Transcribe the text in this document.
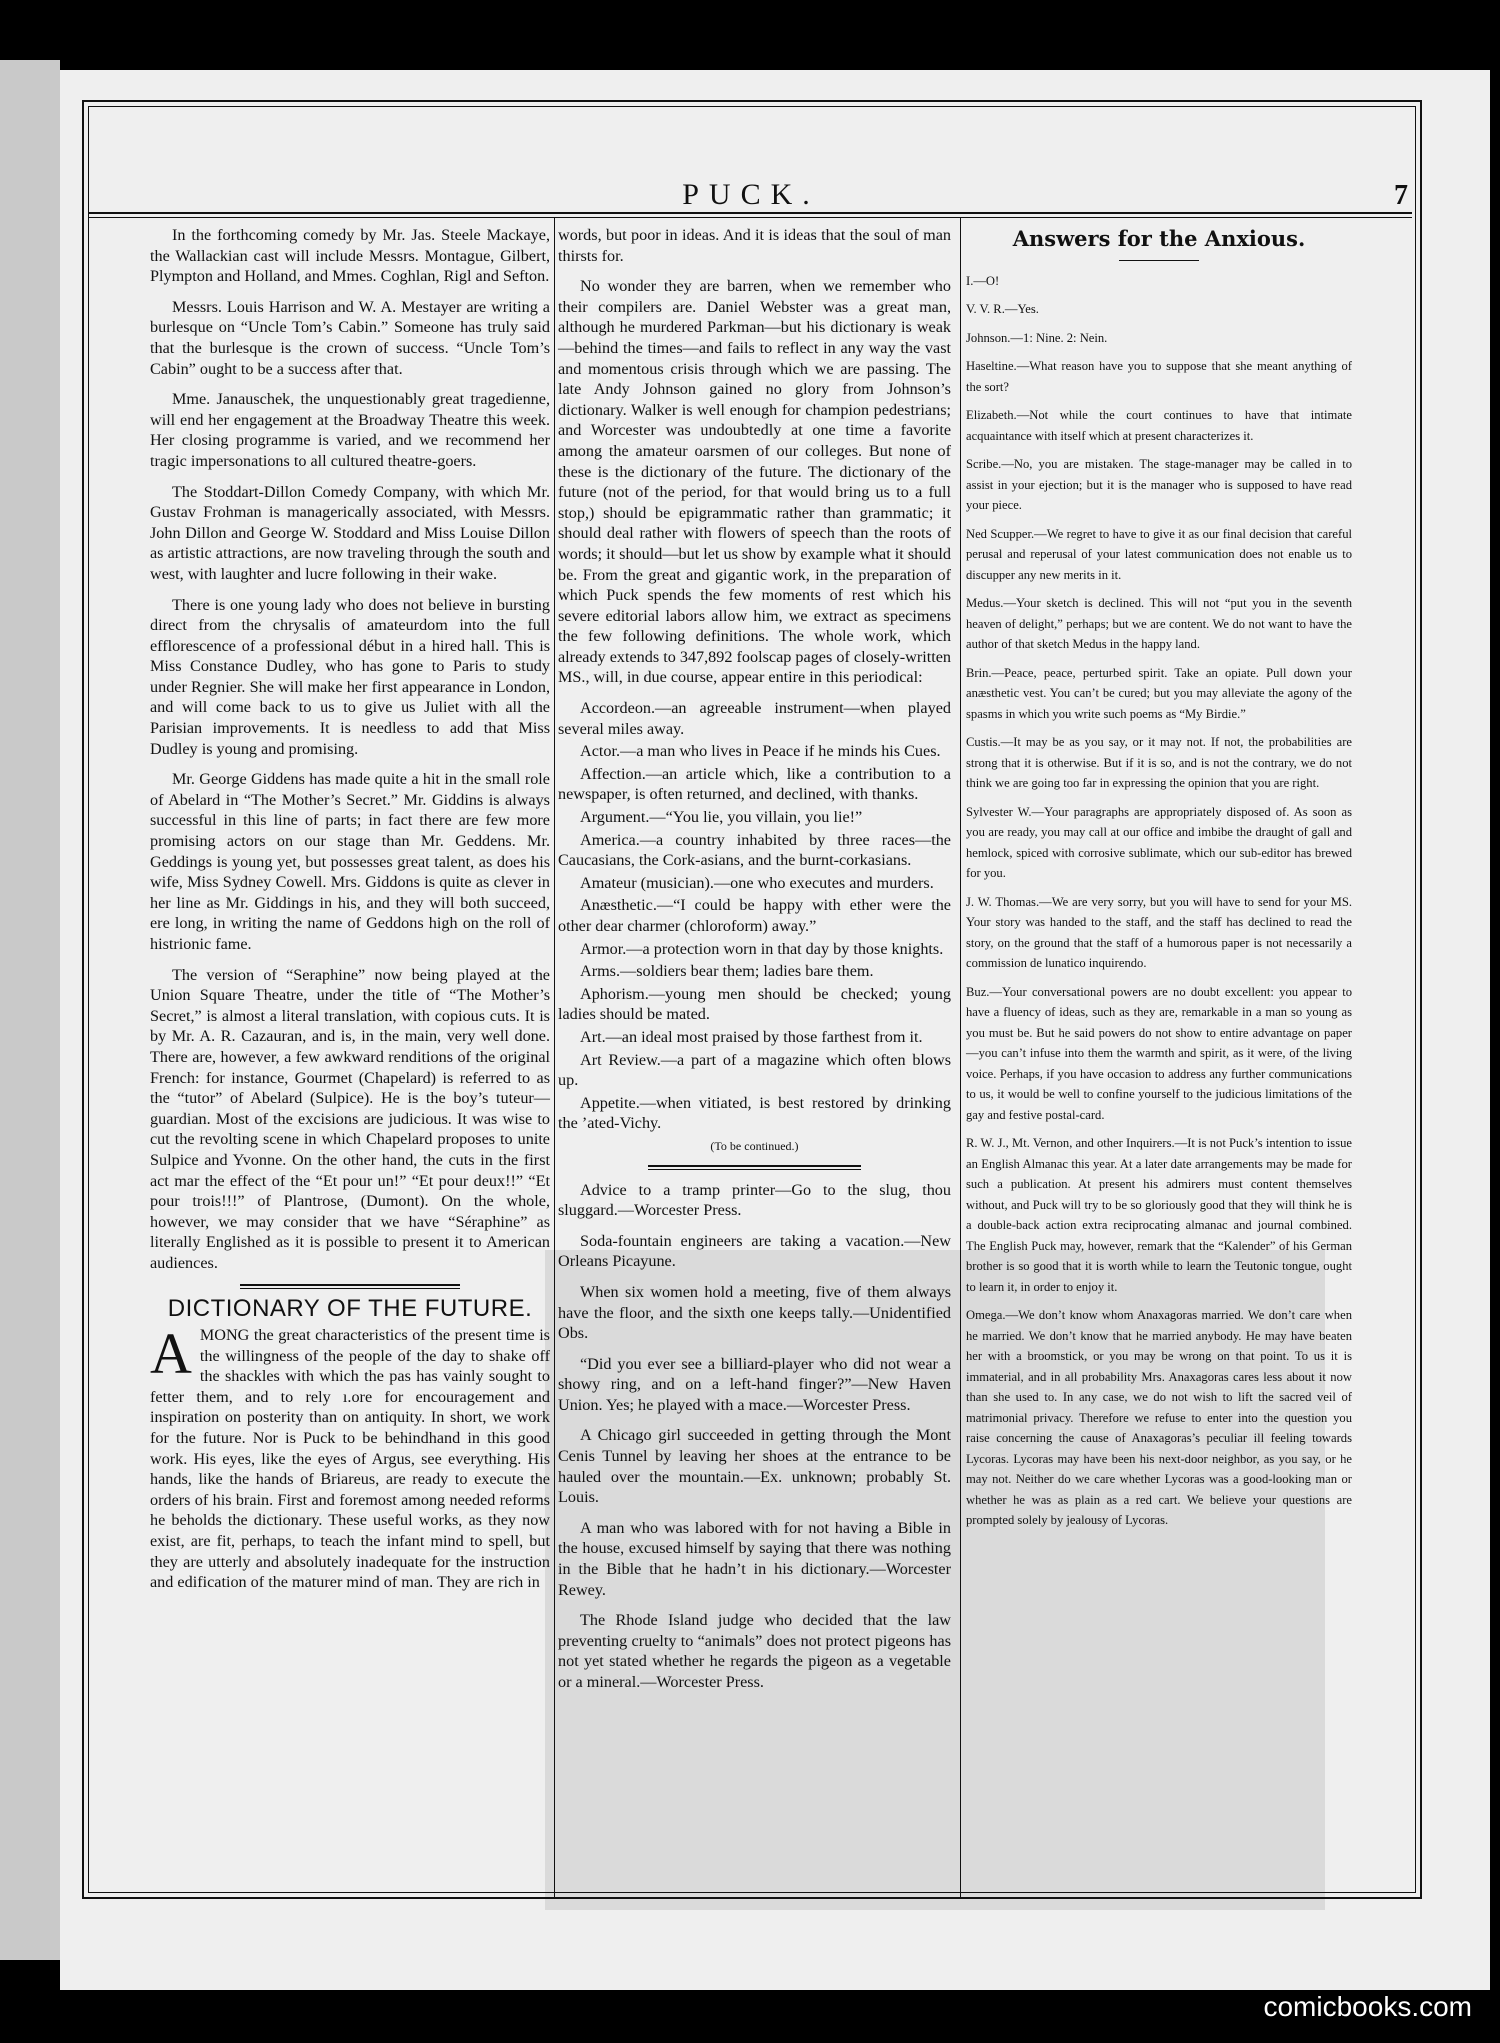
PUCK.	7

In the forthcoming comedy by Mr. Jas. Steele Mackaye, the Wallackian cast will include Messrs. Montague, Gilbert, Plympton and Holland, and Mmes. Coghlan, Rigl and Sefton.

Messrs. Louis Harrison and W. A. Mestayer are writing a burlesque on “Uncle Tom’s Cabin.” Someone has truly said that the burlesque is the crown of success. “Uncle Tom’s Cabin” ought to be a success after that.

Mme. Janauschek, the unquestionably great tragedienne, will end her engagement at the Broadway Theatre this week. Her closing programme is varied, and we recommend her tragic impersonations to all cultured theatre-goers.

The Stoddart-Dillon Comedy Company, with which Mr. Gustav Frohman is managerically associated, with Messrs. John Dillon and George W. Stoddard and Miss Louise Dillon as artistic attractions, are now traveling through the south and west, with laughter and lucre following in their wake.

There is one young lady who does not believe in bursting direct from the chrysalis of amateurdom into the full efflorescence of a professional début in a hired hall. This is Miss Constance Dudley, who has gone to Paris to study under Regnier. She will make her first appearance in London, and will come back to us to give us Juliet with all the Parisian improvements. It is needless to add that Miss Dudley is young and promising.

Mr. George Giddens has made quite a hit in the small role of Abelard in “The Mother’s Secret.” Mr. Giddins is always successful in this line of parts; in fact there are few more promising actors on our stage than Mr. Geddens. Mr. Geddings is young yet, but possesses great talent, as does his wife, Miss Sydney Cowell. Mrs. Giddons is quite as clever in her line as Mr. Giddings in his, and they will both succeed, ere long, in writing the name of Geddons high on the roll of histrionic fame.

The version of “Seraphine” now being played at the Union Square Theatre, under the title of “The Mother’s Secret,” is almost a literal translation, with copious cuts. It is by Mr. A. R. Cazauran, and is, in the main, very well done. There are, however, a few awkward renditions of the original French: for instance, Gourmet (Chapelard) is referred to as the “tutor” of Abelard (Sulpice). He is the boy’s tuteur—guardian. Most of the excisions are judicious. It was wise to cut the revolting scene in which Chapelard proposes to unite Sulpice and Yvonne. On the other hand, the cuts in the first act mar the effect of the “Et pour un!” “Et pour deux!!” “Et pour trois!!!” of Plantrose, (Dumont). On the whole, however, we may consider that we have “Séraphine” as literally Englished as it is possible to present it to American audiences.

DICTIONARY OF THE FUTURE.

AMONG the great characteristics of the present time is the willingness of the people of the day to shake off the shackles with which the pas has vainly sought to fetter them, and to rely ı.ore for encouragement and inspiration on posterity than on antiquity. In short, we work for the future. Nor is Puck to be behindhand in this good work. His eyes, like the eyes of Argus, see everything. His hands, like the hands of Briareus, are ready to execute the orders of his brain. First and foremost among needed reforms he beholds the dictionary. These useful works, as they now exist, are fit, perhaps, to teach the infant mind to spell, but they are utterly and absolutely inadequate for the instruction and edification of the maturer mind of man. They are rich in

words, but poor in ideas. And it is ideas that the soul of man thirsts for.

No wonder they are barren, when we remember who their compilers are. Daniel Webster was a great man, although he murdered Parkman—but his dictionary is weak—behind the times—and fails to reflect in any way the vast and momentous crisis through which we are passing. The late Andy Johnson gained no glory from Johnson’s dictionary. Walker is well enough for champion pedestrians; and Worcester was undoubtedly at one time a favorite among the amateur oarsmen of our colleges. But none of these is the dictionary of the future. The dictionary of the future (not of the period, for that would bring us to a full stop,) should be epigrammatic rather than grammatic; it should deal rather with flowers of speech than the roots of words; it should—but let us show by example what it should be. From the great and gigantic work, in the preparation of which Puck spends the few moments of rest which his severe editorial labors allow him, we extract as specimens the few following definitions. The whole work, which already extends to 347,892 foolscap pages of closely-written MS., will, in due course, appear entire in this periodical:

Accordeon.—an agreeable instrument—when played several miles away.

Actor.—a man who lives in Peace if he minds his Cues.

Affection.—an article which, like a contribution to a newspaper, is often returned, and declined, with thanks.

Argument.—“You lie, you villain, you lie!”

America.—a country inhabited by three races—the Caucasians, the Cork-asians, and the burnt-corkasians.

Amateur (musician).—one who executes and murders.

Anæsthetic.—“I could be happy with ether were the other dear charmer (chloroform) away.”

Armor.—a protection worn in that day by those knights.

Arms.—soldiers bear them; ladies bare them.

Aphorism.—young men should be checked; young ladies should be mated.

Art.—an ideal most praised by those farthest from it.

Art Review.—a part of a magazine which often blows up.

Appetite.—when vitiated, is best restored by drinking the ’ated-Vichy.

(To be continued.)

Advice to a tramp printer—Go to the slug, thou sluggard.—Worcester Press.

Soda-fountain engineers are taking a vacation.—New Orleans Picayune.

When six women hold a meeting, five of them always have the floor, and the sixth one keeps tally.—Unidentified Obs.

“Did you ever see a billiard-player who did not wear a showy ring, and on a left-hand finger?”—New Haven Union. Yes; he played with a mace.—Worcester Press.

A Chicago girl succeeded in getting through the Mont Cenis Tunnel by leaving her shoes at the entrance to be hauled over the mountain.—Ex. unknown; probably St. Louis.

A man who was labored with for not having a Bible in the house, excused himself by saying that there was nothing in the Bible that he hadn’t in his dictionary.—Worcester Rewey.

The Rhode Island judge who decided that the law preventing cruelty to “animals” does not protect pigeons has not yet stated whether he regards the pigeon as a vegetable or a mineral.—Worcester Press.

Answers for the Anxious.

I.—O!

V. V. R.—Yes.

Johnson.—1: Nine. 2: Nein.

Haseltine.—What reason have you to suppose that she meant anything of the sort?

Elizabeth.—Not while the court continues to have that intimate acquaintance with itself which at present characterizes it.

Scribe.—No, you are mistaken. The stage-manager may be called in to assist in your ejection; but it is the manager who is supposed to have read your piece.

Ned Scupper.—We regret to have to give it as our final decision that careful perusal and reperusal of your latest communication does not enable us to discupper any new merits in it.

Medus.—Your sketch is declined. This will not “put you in the seventh heaven of delight,” perhaps; but we are content. We do not want to have the author of that sketch Medus in the happy land.

Brin.—Peace, peace, perturbed spirit. Take an opiate. Pull down your anæsthetic vest. You can’t be cured; but you may alleviate the agony of the spasms in which you write such poems as “My Birdie.”

Custis.—It may be as you say, or it may not. If not, the probabilities are strong that it is otherwise. But if it is so, and is not the contrary, we do not think we are going too far in expressing the opinion that you are right.

Sylvester W.—Your paragraphs are appropriately disposed of. As soon as you are ready, you may call at our office and imbibe the draught of gall and hemlock, spiced with corrosive sublimate, which our sub-editor has brewed for you.

J. W. Thomas.—We are very sorry, but you will have to send for your MS. Your story was handed to the staff, and the staff has declined to read the story, on the ground that the staff of a humorous paper is not necessarily a commission de lunatico inquirendo.

Buz.—Your conversational powers are no doubt excellent: you appear to have a fluency of ideas, such as they are, remarkable in a man so young as you must be. But he said powers do not show to entire advantage on paper—you can’t infuse into them the warmth and spirit, as it were, of the living voice. Perhaps, if you have occasion to address any further communications to us, it would be well to confine yourself to the judicious limitations of the gay and festive postal-card.

R. W. J., Mt. Vernon, and other Inquirers.—It is not Puck’s intention to issue an English Almanac this year. At a later date arrangements may be made for such a publication. At present his admirers must content themselves without, and Puck will try to be so gloriously good that they will think he is a double-back action extra reciprocating almanac and journal combined. The English Puck may, however, remark that the “Kalender” of his German brother is so good that it is worth while to learn the Teutonic tongue, ought to learn it, in order to enjoy it.

Omega.—We don’t know whom Anaxagoras married. We don’t care when he married. We don’t know that he married anybody. He may have beaten her with a broomstick, or you may be wrong on that point. To us it is immaterial, and in all probability Mrs. Anaxagoras cares less about it now than she used to. In any case, we do not wish to lift the sacred veil of matrimonial privacy. Therefore we refuse to enter into the question you raise concerning the cause of Anaxagoras’s peculiar ill feeling towards Lycoras. Lycoras may have been his next-door neighbor, as you say, or he may not. Neither do we care whether Lycoras was a good-looking man or whether he was as plain as a red cart. We believe your questions are prompted solely by jealousy of Lycoras.

comicbooks.com
